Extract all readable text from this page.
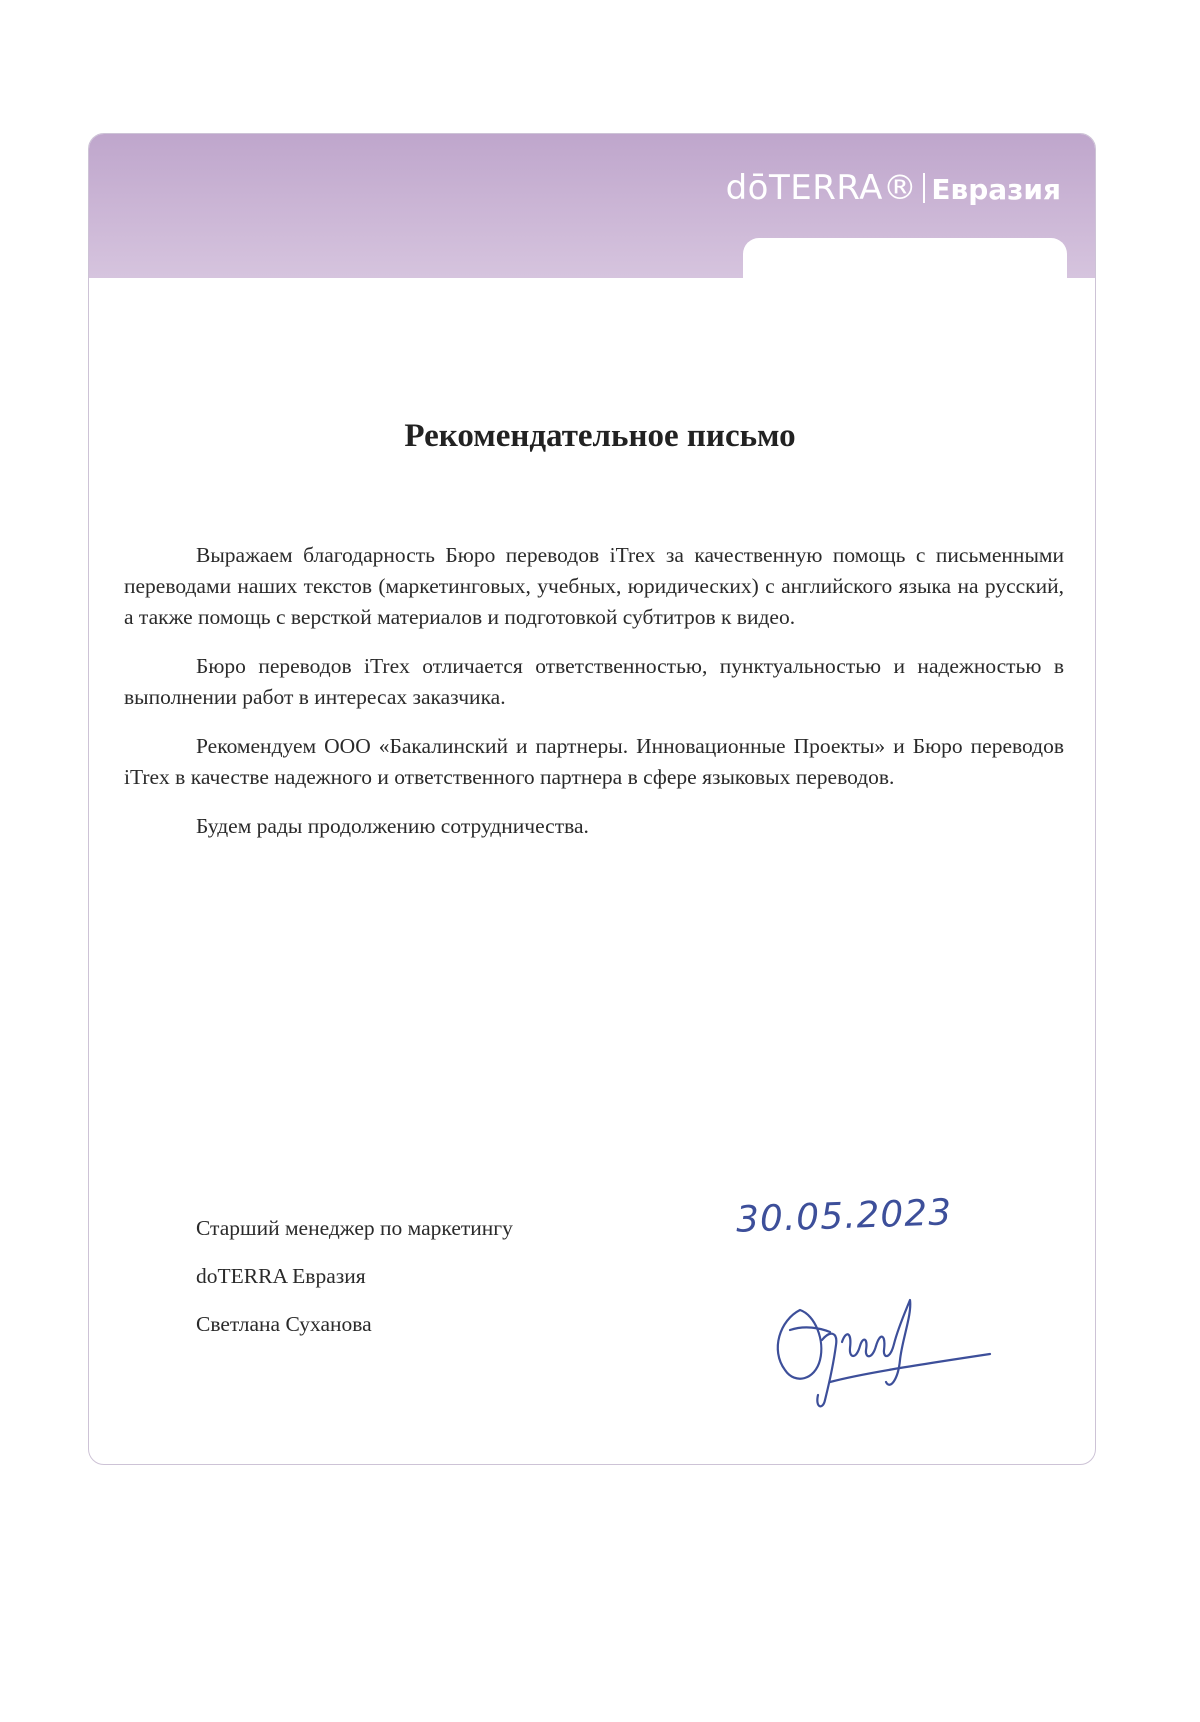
dōTERRA® Евразия
Рекомендательное письмо

Выражаем благодарность Бюро переводов iTrex за качественную помощь с письменными переводами наших текстов (маркетинговых, учебных, юридических) с английского языка на русский, а также помощь с версткой материалов и подготовкой субтитров к видео.

Бюро переводов iTrex отличается ответственностью, пунктуальностью и надежностью в выполнении работ в интересах заказчика.

Рекомендуем ООО «Бакалинский и партнеры. Инновационные Проекты» и Бюро переводов iTrex в качестве надежного и ответственного партнера в сфере языковых переводов.

Будем рады продолжению сотрудничества.

Старший менеджер по маркетингу
doTERRA Евразия
Светлана Суханова
30.05.2023
